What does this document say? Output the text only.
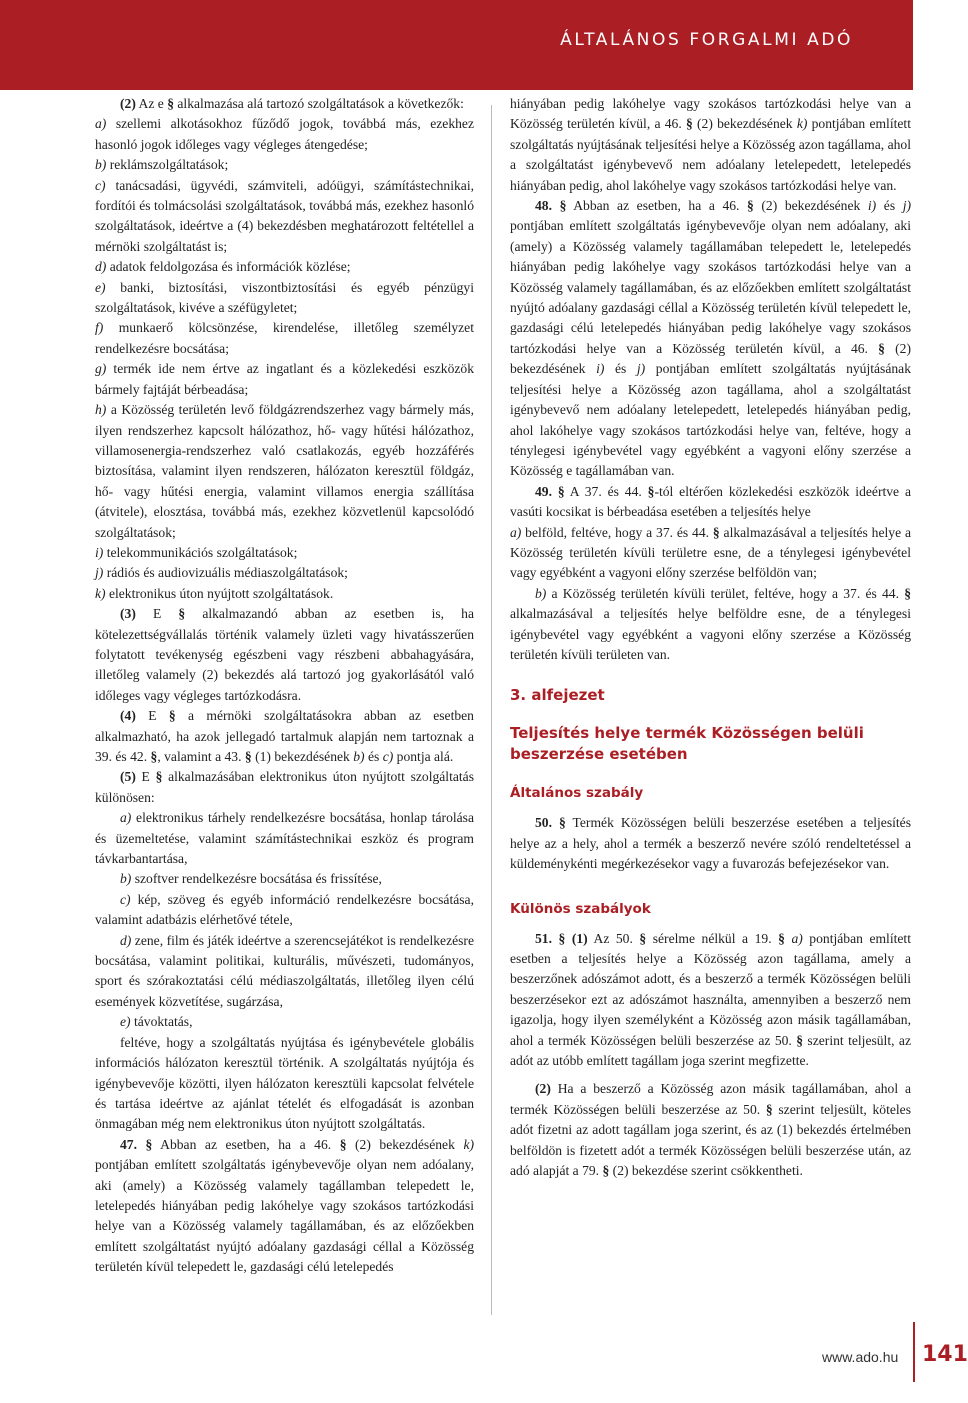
ÁLTALÁNOS FORGALMI ADÓ

(2) Az e § alkalmazása alá tartozó szolgáltatások a következők:

a) szellemi alkotásokhoz fűződő jogok, továbbá más, ezekhez hasonló jogok időleges vagy végleges átengedése;

b) reklámszolgáltatások;

c) tanácsadási, ügyvédi, számviteli, adóügyi, számítástechnikai, fordítói és tolmácsolási szolgáltatások, továbbá más, ezekhez hasonló szolgáltatások, ideértve a (4) bekezdésben meghatározott feltétellel a mérnöki szolgáltatást is;

d) adatok feldolgozása és információk közlése;

e) banki, biztosítási, viszontbiztosítási és egyéb pénzügyi szolgáltatások, kivéve a széfügyletet;

f) munkaerő kölcsönzése, kirendelése, illetőleg személyzet rendelkezésre bocsátása;

g) termék ide nem értve az ingatlant és a közlekedési eszközök bármely fajtáját bérbeadása;

h) a Közösség területén levő földgázrendszerhez vagy bármely más, ilyen rendszerhez kapcsolt hálózathoz, hő- vagy hűtési hálózathoz, villamosenergia-rendszerhez való csatlakozás, egyéb hozzáférés biztosítása, valamint ilyen rendszeren, hálózaton keresztül földgáz, hő- vagy hűtési energia, valamint villamos energia szállítása (átvitele), elosztása, továbbá más, ezekhez közvetlenül kapcsolódó szolgáltatások;

i) telekommunikációs szolgáltatások;

j) rádiós és audiovizuális médiaszolgáltatások;

k) elektronikus úton nyújtott szolgáltatások.

(3) E § alkalmazandó abban az esetben is, ha kötelezettségvállalás történik valamely üzleti vagy hivatásszerűen folytatott tevékenység egészbeni vagy részbeni abbahagyására, illetőleg valamely (2) bekezdés alá tartozó jog gyakorlásától való időleges vagy végleges tartózkodásra.

(4) E § a mérnöki szolgáltatásokra abban az esetben alkalmazható, ha azok jellegadó tartalmuk alapján nem tartoznak a 39. és 42. §, valamint a 43. § (1) bekezdésének b) és c) pontja alá.

(5) E § alkalmazásában elektronikus úton nyújtott szolgáltatás különösen:

a) elektronikus tárhely rendelkezésre bocsátása, honlap tárolása és üzemeltetése, valamint számítástechnikai eszköz és program távkarbantartása,

b) szoftver rendelkezésre bocsátása és frissítése,

c) kép, szöveg és egyéb információ rendelkezésre bocsátása, valamint adatbázis elérhetővé tétele,

d) zene, film és játék ideértve a szerencsejátékot is rendelkezésre bocsátása, valamint politikai, kulturális, művészeti, tudományos, sport és szórakoztatási célú médiaszolgáltatás, illetőleg ilyen célú események közvetítése, sugárzása,

e) távoktatás,

feltéve, hogy a szolgáltatás nyújtása és igénybevétele globális információs hálózaton keresztül történik. A szolgáltatás nyújtója és igénybevevője közötti, ilyen hálózaton keresztüli kapcsolat felvétele és tartása ideértve az ajánlat tételét és elfogadását is azonban önmagában még nem elektronikus úton nyújtott szolgáltatás.

47. § Abban az esetben, ha a 46. § (2) bekezdésének k) pontjában említett szolgáltatás igénybevevője olyan nem adóalany, aki (amely) a Közösség valamely tagállamban telepedett le, letelepedés hiányában pedig lakóhelye vagy szokásos tartózkodási helye van a Közösség valamely tagállamában, és az előzőekben említett szolgáltatást nyújtó adóalany gazdasági céllal a Közösség területén kívül telepedett le, gazdasági célú letelepedés

hiányában pedig lakóhelye vagy szokásos tartózkodási helye van a Közösség területén kívül, a 46. § (2) bekezdésének k) pontjában említett szolgáltatás nyújtásának teljesítési helye a Közösség azon tagállama, ahol a szolgáltatást igénybevevő nem adóalany letelepedett, letelepedés hiányában pedig, ahol lakóhelye vagy szokásos tartózkodási helye van.

48. § Abban az esetben, ha a 46. § (2) bekezdésének i) és j) pontjában említett szolgáltatás igénybevevője olyan nem adóalany, aki (amely) a Közösség valamely tagállamában telepedett le, letelepedés hiányában pedig lakóhelye vagy szokásos tartózkodási helye van a Közösség valamely tagállamában, és az előzőekben említett szolgáltatást nyújtó adóalany gazdasági céllal a Közösség területén kívül telepedett le, gazdasági célú letelepedés hiányában pedig lakóhelye vagy szokásos tartózkodási helye van a Közösség területén kívül, a 46. § (2) bekezdésének i) és j) pontjában említett szolgáltatás nyújtásának teljesítési helye a Közösség azon tagállama, ahol a szolgáltatást igénybevevő nem adóalany letelepedett, letelepedés hiányában pedig, ahol lakóhelye vagy szokásos tartózkodási helye van, feltéve, hogy a ténylegesi igénybevétel vagy egyébként a vagyoni előny szerzése a Közösség e tagállamában van.

49. § A 37. és 44. §-tól eltérően közlekedési eszközök ideértve a vasúti kocsikat is bérbeadása esetében a teljesítés helye

a) belföld, feltéve, hogy a 37. és 44. § alkalmazásával a teljesítés helye a Közösség területén kívüli területre esne, de a ténylegesi igénybevétel vagy egyébként a vagyoni előny szerzése belföldön van;

b) a Közösség területén kívüli terület, feltéve, hogy a 37. és 44. § alkalmazásával a teljesítés helye belföldre esne, de a ténylegesi igénybevétel vagy egyébként a vagyoni előny szerzése a Közösség területén kívüli területen van.

3. alfejezet
Teljesítés helye termék Közösségen belüli beszerzése esetében
Általános szabály

50. § Termék Közösségen belüli beszerzése esetében a teljesítés helye az a hely, ahol a termék a beszerző nevére szóló rendeltetéssel a küldeménykénti megérkezésekor vagy a fuvarozás befejezésekor van.

Különös szabályok

51. § (1) Az 50. § sérelme nélkül a 19. § a) pontjában említett esetben a teljesítés helye a Közösség azon tagállama, amely a beszerzőnek adószámot adott, és a beszerző a termék Közösségen belüli beszerzésekor ezt az adószámot használta, amennyiben a beszerző nem igazolja, hogy ilyen személyként a Közösség azon másik tagállamában, ahol a termék Közösségen belüli beszerzése az 50. § szerint teljesült, az adót az utóbb említett tagállam joga szerint megfizette.

(2) Ha a beszerző a Közösség azon másik tagállamában, ahol a termék Közösségen belüli beszerzése az 50. § szerint teljesült, köteles adót fizetni az adott tagállam joga szerint, és az (1) bekezdés értelmében belföldön is fizetett adót a termék Közösségen belüli beszerzése után, az adó alapját a 79. § (2) bekezdése szerint csökkentheti.

www.ado.hu 141
